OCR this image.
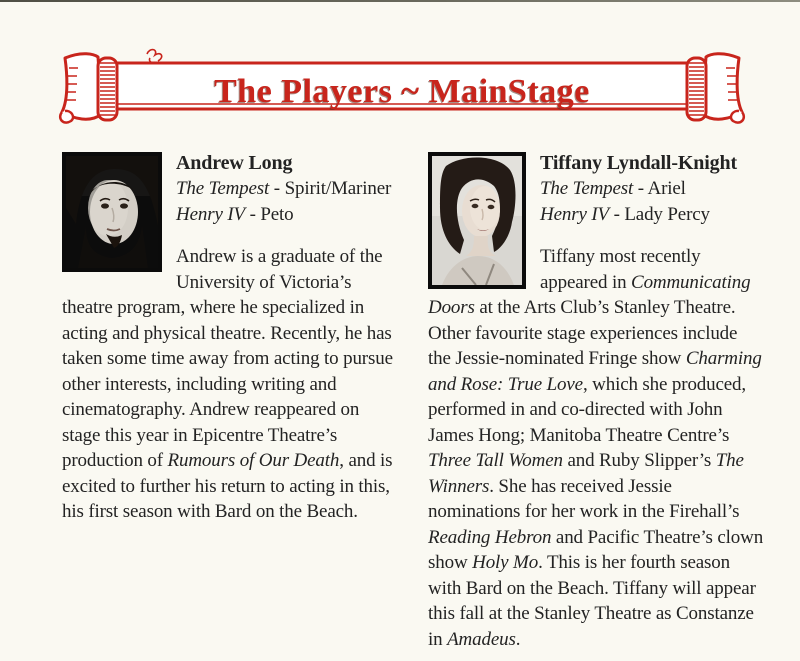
The Players ~ MainStage
Andrew Long
The Tempest - Spirit/Mariner
Henry IV - Peto

Andrew is a graduate of the University of Victoria’s theatre program, where he specialized in acting and physical theatre. Recently, he has taken some time away from acting to pursue other interests, including writing and cinematography. Andrew reappeared on stage this year in Epicentre Theatre’s production of Rumours of Our Death, and is excited to further his return to acting in this, his first season with Bard on the Beach.

Tiffany Lyndall-Knight
The Tempest - Ariel
Henry IV - Lady Percy

Tiffany most recently appeared in Communicating Doors at the Arts Club’s Stanley Theatre. Other favourite stage experiences include the Jessie-nominated Fringe show Charming and Rose: True Love, which she produced, performed in and co-directed with John James Hong; Manitoba Theatre Centre’s Three Tall Women and Ruby Slipper’s The Winners. She has received Jessie nominations for her work in the Firehall’s Reading Hebron and Pacific Theatre’s clown show Holy Mo. This is her fourth season with Bard on the Beach. Tiffany will appear this fall at the Stanley Theatre as Constanze in Amadeus.
